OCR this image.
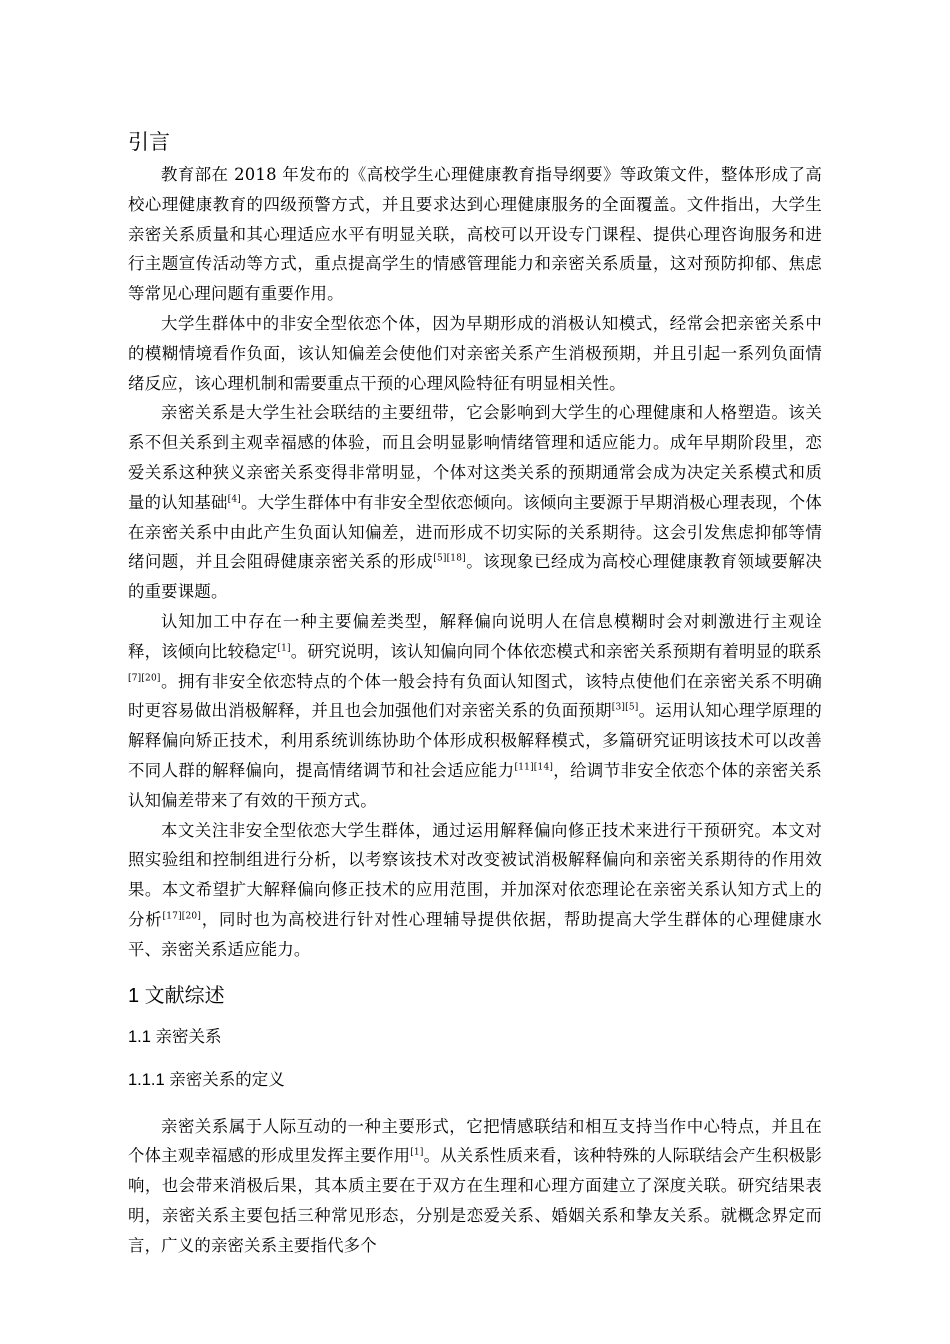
引言

教育部在 2018 年发布的《高校学生心理健康教育指导纲要》等政策文件，整体形成了高校心理健康教育的四级预警方式，并且要求达到心理健康服务的全面覆盖。文件指出，大学生亲密关系质量和其心理适应水平有明显关联，高校可以开设专门课程、提供心理咨询服务和进行主题宣传活动等方式，重点提高学生的情感管理能力和亲密关系质量，这对预防抑郁、焦虑等常见心理问题有重要作用。

大学生群体中的非安全型依恋个体，因为早期形成的消极认知模式，经常会把亲密关系中的模糊情境看作负面，该认知偏差会使他们对亲密关系产生消极预期，并且引起一系列负面情绪反应，该心理机制和需要重点干预的心理风险特征有明显相关性。

亲密关系是大学生社会联结的主要纽带，它会影响到大学生的心理健康和人格塑造。该关系不但关系到主观幸福感的体验，而且会明显影响情绪管理和适应能力。成年早期阶段里，恋爱关系这种狭义亲密关系变得非常明显，个体对这类关系的预期通常会成为决定关系模式和质量的认知基础[4]。大学生群体中有非安全型依恋倾向。该倾向主要源于早期消极心理表现，个体在亲密关系中由此产生负面认知偏差，进而形成不切实际的关系期待。这会引发焦虑抑郁等情绪问题，并且会阻碍健康亲密关系的形成[5][18]。该现象已经成为高校心理健康教育领域要解决的重要课题。

认知加工中存在一种主要偏差类型，解释偏向说明人在信息模糊时会对刺激进行主观诠释，该倾向比较稳定[1]。研究说明，该认知偏向同个体依恋模式和亲密关系预期有着明显的联系[7][20]。拥有非安全依恋特点的个体一般会持有负面认知图式，该特点使他们在亲密关系不明确时更容易做出消极解释，并且也会加强他们对亲密关系的负面预期[3][5]。运用认知心理学原理的解释偏向矫正技术，利用系统训练协助个体形成积极解释模式，多篇研究证明该技术可以改善不同人群的解释偏向，提高情绪调节和社会适应能力[11][14]，给调节非安全依恋个体的亲密关系认知偏差带来了有效的干预方式。

本文关注非安全型依恋大学生群体，通过运用解释偏向修正技术来进行干预研究。本文对照实验组和控制组进行分析，以考察该技术对改变被试消极解释偏向和亲密关系期待的作用效果。本文希望扩大解释偏向修正技术的应用范围，并加深对依恋理论在亲密关系认知方式上的分析[17][20]，同时也为高校进行针对性心理辅导提供依据，帮助提高大学生群体的心理健康水平、亲密关系适应能力。

1 文献综述
1.1 亲密关系
1.1.1 亲密关系的定义

亲密关系属于人际互动的一种主要形式，它把情感联结和相互支持当作中心特点，并且在个体主观幸福感的形成里发挥主要作用[1]。从关系性质来看，该种特殊的人际联结会产生积极影响，也会带来消极后果，其本质主要在于双方在生理和心理方面建立了深度关联。研究结果表明，亲密关系主要包括三种常见形态，分别是恋爱关系、婚姻关系和挚友关系。就概念界定而言，广义的亲密关系主要指代多个
